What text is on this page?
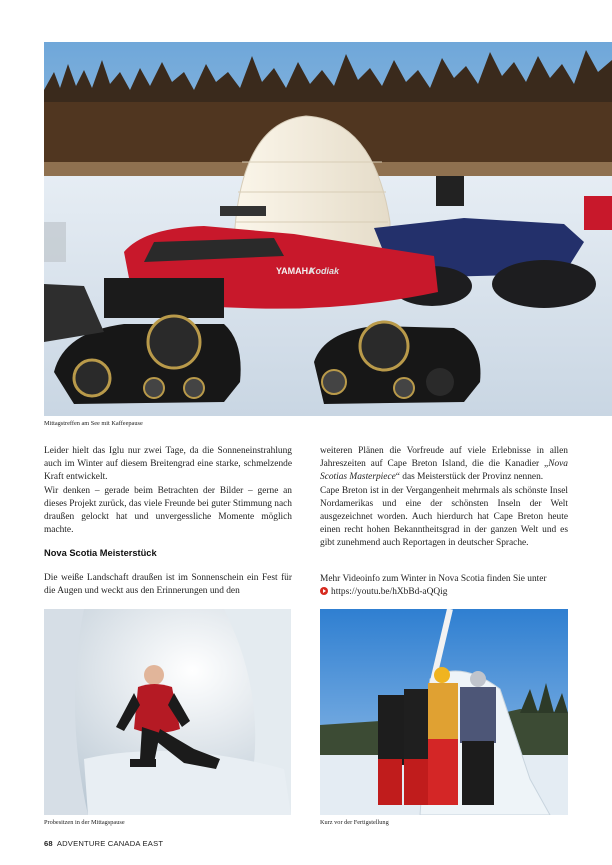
YAMAHA
Kodiak
Mittagstreffen am See mit Kaffeepause

Leider hielt das Iglu nur zwei Tage, da die Sonneneinstrahlung auch im Winter auf diesem Breitengrad eine starke, schmelzende Kraft entwickelt.

Wir denken – gerade beim Betrachten der Bilder – gerne an dieses Projekt zurück, das viele Freunde bei guter Stimmung nach draußen gelockt hat und unvergessliche Momente möglich machte.

Nova Scotia Meisterstück

Die weiße Landschaft draußen ist im Sonnenschein ein Fest für die Augen und weckt aus den Erinnerungen und den

weiteren Plänen die Vorfreude auf viele Erlebnisse in allen Jahreszeiten auf Cape Breton Island, die die Kanadier „Nova Scotias Masterpiece“ das Meisterstück der Provinz nennen.

Cape Breton ist in der Vergangenheit mehrmals als schönste Insel Nordamerikas und eine der schönsten Inseln der Welt ausgezeichnet worden. Auch hierdurch hat Cape Breton heute einen recht hohen Bekanntheitsgrad in der ganzen Welt und es gibt zunehmend auch Reportagen in deutscher Sprache.

Mehr Videoinfo zum Winter in Nova Scotia finden Sie unter

https://youtu.be/hXbBd-aQQig

Probesitzen in der Mittagspause	Kurz vor der Fertigstellung
68 ADVENTURE CANADA EAST
